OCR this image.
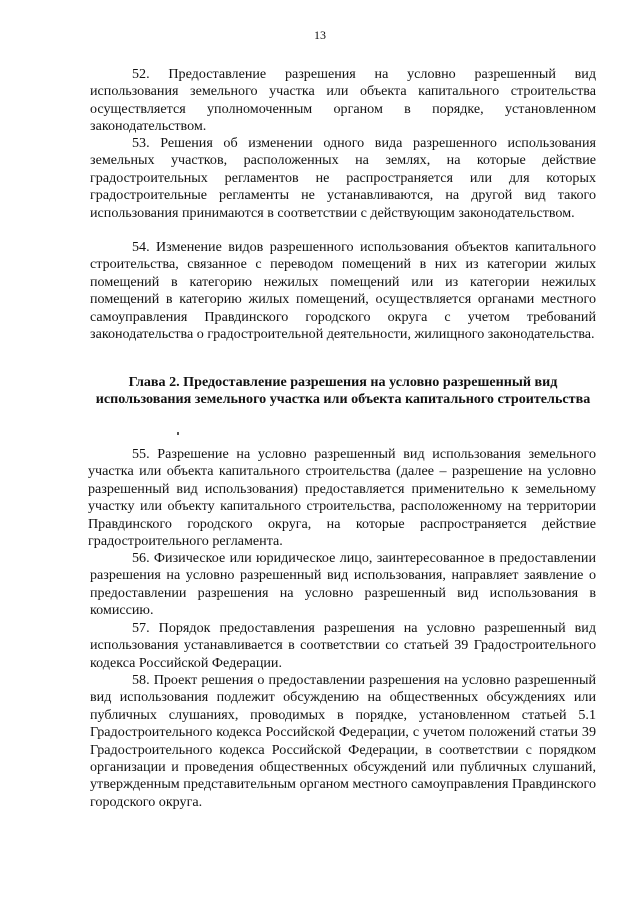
13

52. Предоставление разрешения на условно разрешенный вид использования земельного участка или объекта капитального строительства осуществляется уполномоченным органом в порядке, установленном законодательством.

53. Решения об изменении одного вида разрешенного использования земельных участков, расположенных на землях, на которые действие градостроительных регламентов не распространяется или для которых градостроительные регламенты не устанавливаются, на другой вид такого использования принимаются в соответствии с действующим законодательством.

54. Изменение видов разрешенного использования объектов капитального строительства, связанное с переводом помещений в них из категории жилых помещений в категорию нежилых помещений или из категории нежилых помещений в категорию жилых помещений, осуществляется органами местного самоуправления Правдинского городского округа с учетом требований законодательства о градостроительной деятельности, жилищного законодательства.

Глава 2. Предоставление разрешения на условно разрешенный вид использования земельного участка или объекта капитального строительства

55. Разрешение на условно разрешенный вид использования земельного участка или объекта капитального строительства (далее – разрешение на условно разрешенный вид использования) предоставляется применительно к земельному участку или объекту капитального строительства, расположенному на территории Правдинского городского округа, на которые распространяется действие градостроительного регламента.

56. Физическое или юридическое лицо, заинтересованное в предоставлении разрешения на условно разрешенный вид использования, направляет заявление о предоставлении разрешения на условно разрешенный вид использования в комиссию.

57. Порядок предоставления разрешения на условно разрешенный вид использования устанавливается в соответствии со статьей 39 Градостроительного кодекса Российской Федерации.

58. Проект решения о предоставлении разрешения на условно разрешенный вид использования подлежит обсуждению на общественных обсуждениях или публичных слушаниях, проводимых в порядке, установленном статьей 5.1 Градостроительного кодекса Российской Федерации, с учетом положений статьи 39 Градостроительного кодекса Российской Федерации, в соответствии с порядком организации и проведения общественных обсуждений или публичных слушаний, утвержденным представительным органом местного самоуправления Правдинского городского округа.
